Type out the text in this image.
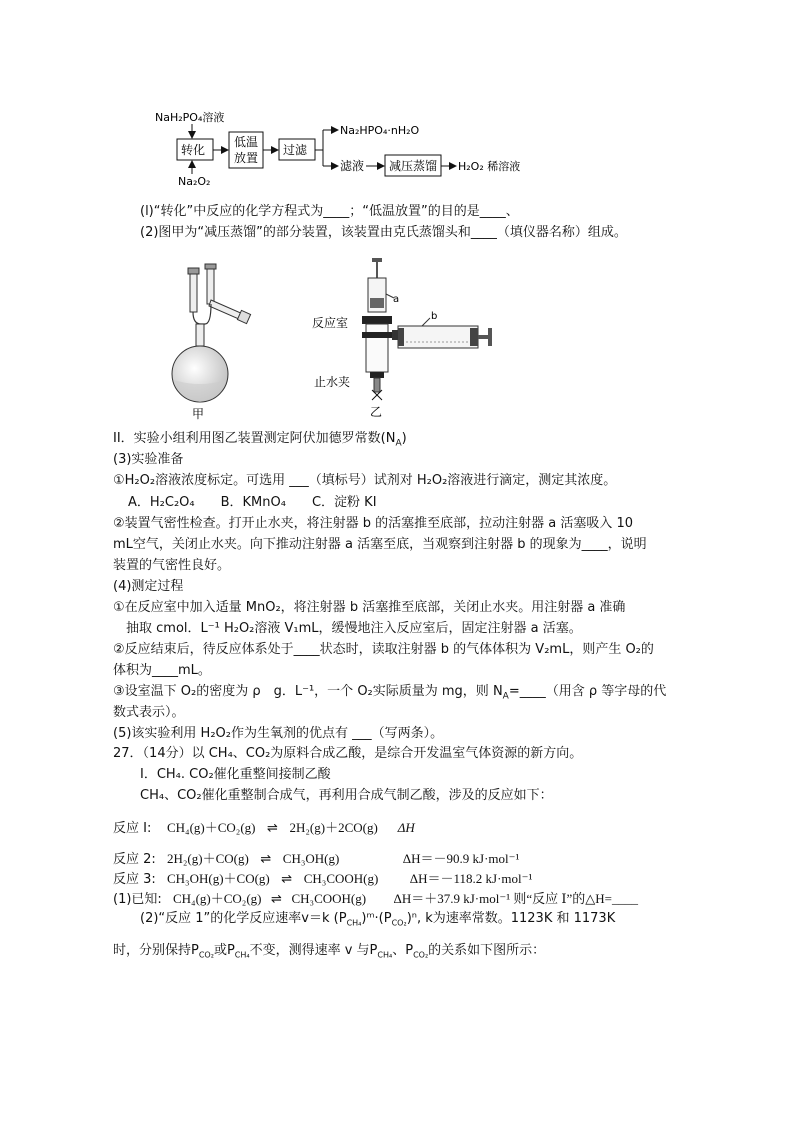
NaH₂PO₄溶液
转化
Na₂O₂
低温
放置
过滤
Na₂HPO₄·nH₂O
滤液 减压蒸馏 H₂O₂ 稀溶液
(l)“转化”中反应的化学方程式为____；“低温放置”的目的是____、
(2)图甲为“减压蒸馏”的部分装置，该装置由克氏蒸馏头和____（填仪器名称）组成。
甲
a
反应室	b
止水夹
乙
II．实验小组利用图乙装置测定阿伏加德罗常数$(N_A)$
(3)实验准备
①H₂O₂溶液浓度标定。可选用 ___（填标号）试剂对 H₂O₂溶液进行滴定，测定其浓度。
A．H₂C₂O₄　　B．KMnO₄　　C．淀粉 KI
②装置气密性检查。打开止水夹，将注射器 b 的活塞推至底部，拉动注射器 a 活塞吸入 10
mL空气，关闭止水夹。向下推动注射器 a 活塞至底，当观察到注射器 b 的现象为____，说明
装置的气密性良好。
(4)测定过程
①在反应室中加入适量 MnO₂，将注射器 b 活塞推至底部，关闭止水夹。用注射器 a 准确
　抽取 cmol．L⁻¹ H₂O₂溶液 V₁mL，缓慢地注入反应室后，固定注射器 a 活塞。
②反应结束后，待反应体系处于____状态时，读取注射器 b 的气体体积为 V₂mL，则产生 O₂的
体积为____mL。
③设室温下 O₂的密度为 ρ　g．L⁻¹，一个 O₂实际质量为 mg，则 $N_A=\_\_\_\_$（用含 ρ 等字母的代
数式表示）。
(5)该实验利用 H₂O₂作为生氧剂的优点有 ___（写两条）。
27．（14分）以 CH₄、CO₂为原料合成乙酸，是综合开发温室气体资源的新方向。
Ⅰ．CH₄. CO₂催化重整间接制乙酸
CH₄、CO₂催化重整制合成气，再利用合成气制乙酸，涉及的反应如下：
反应 Ⅰ: CH₄(g)＋CO₂(g) ⇌ 2H₂(g)＋2CO(g) ΔH
反应 2: 2H₂(g)＋CO(g) ⇌ CH₃OH(g)	ΔH＝－90.9 kJ·mol⁻¹
反应 3: CH₃OH(g)＋CO(g) ⇌ CH₃COOH(g) ΔH＝－118.2 kJ·mol⁻¹
(1)已知: CH₄(g)＋CO₂(g) ⇌ CH₃COOH(g) ΔH＝＋37.9 kJ·mol⁻¹ 则“反应 Ⅰ”的△H=____
(2)“反应 1”的化学反应速率v＝k $(P_{CH_4})ᵐ\cdot(P_{CO_2})^n$, k为速率常数。1123K 和 1173K
时，分别保持$P_{CO_2}$或$P_{CH_4}$不变，测得速率 v 与$P_{CH_4}$、$P_{CO_2}$的关系如下图所示：
